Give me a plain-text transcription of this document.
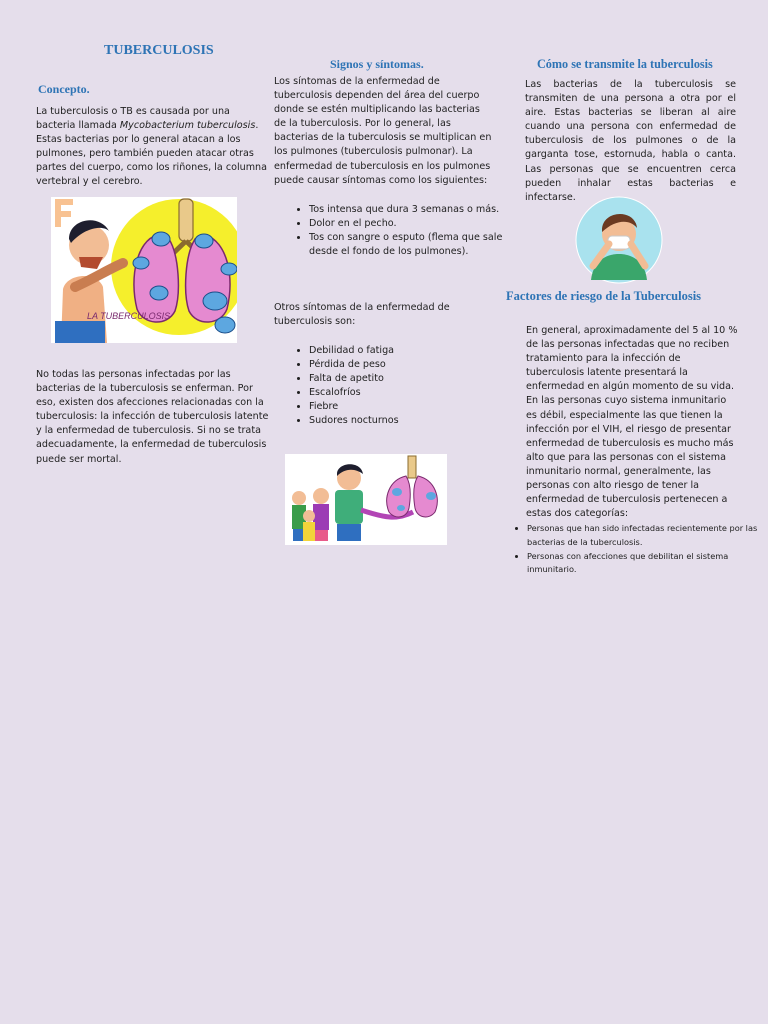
TUBERCULOSIS
Concepto.

La tuberculosis o TB es causada por una bacteria llamada Mycobacterium tuberculosis. Estas bacterias por lo general atacan a los pulmones, pero también pueden atacar otras partes del cuerpo, como los riñones, la columna vertebral y el cerebro.

LA TUBERCULOSIS

No todas las personas infectadas por las bacterias de la tuberculosis se enferman. Por eso, existen dos afecciones relacionadas con la tuberculosis: la infección de tuberculosis latente y la enfermedad de tuberculosis. Si no se trata adecuadamente, la enfermedad de tuberculosis puede ser mortal.

Signos y síntomas.

Los síntomas de la enfermedad de tuberculosis dependen del área del cuerpo donde se estén multiplicando las bacterias de la tuberculosis. Por lo general, las bacterias de la tuberculosis se multiplican en los pulmones (tuberculosis pulmonar). La enfermedad de tuberculosis en los pulmones puede causar síntomas como los siguientes:

• Tos intensa que dura 3 semanas o más.
• Dolor en el pecho.
• Tos con sangre o esputo (flema que sale desde el fondo de los pulmones).

Otros síntomas de la enfermedad de tuberculosis son:

• Debilidad o fatiga
• Pérdida de peso
• Falta de apetito
• Escalofríos
• Fiebre
• Sudores nocturnos
Cómo se transmite la tuberculosis

Las bacterias de la tuberculosis se transmiten de una persona a otra por el aire. Estas bacterias se liberan al aire cuando una persona con enfermedad de tuberculosis de los pulmones o de la garganta tose, estornuda, habla o canta. Las personas que se encuentren cerca pueden inhalar estas bacterias e infectarse.

Factores de riesgo de la Tuberculosis

En general, aproximadamente del 5 al 10 % de las personas infectadas que no reciben tratamiento para la infección de tuberculosis latente presentará la enfermedad en algún momento de su vida. En las personas cuyo sistema inmunitario es débil, especialmente las que tienen la infección por el VIH, el riesgo de presentar enfermedad de tuberculosis es mucho más alto que para las personas con el sistema inmunitario normal, generalmente, las personas con alto riesgo de tener la enfermedad de tuberculosis pertenecen a estas dos categorías:

• Personas que han sido infectadas recientemente por las bacterias de la tuberculosis.
• Personas con afecciones que debilitan el sistema inmunitario.
